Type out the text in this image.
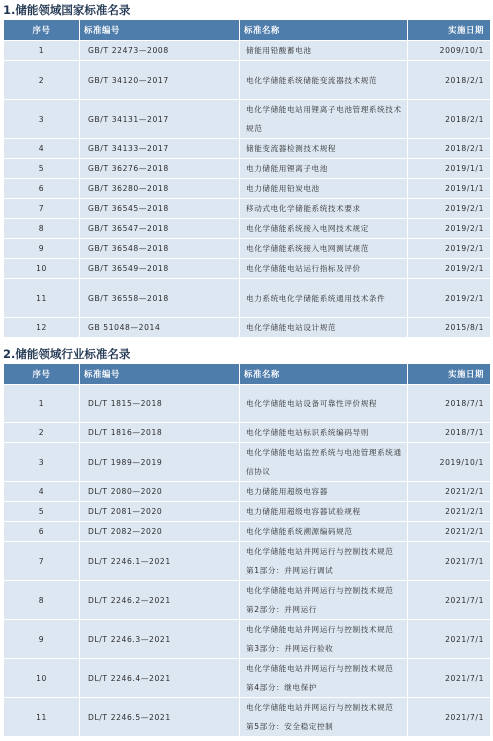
1.储能领域国家标准名录
序号	标准编号	标准名称	实施日期
1	GB/T 22473—2008	储能用铅酸蓄电池	2009/10/1
2	GB/T 34120—2017	电化学储能系统储能变流器技术规范	2018/2/1
3	GB/T 34131—2017	电化学储能电站用锂离子电池管理系统技术规范	2018/2/1
4	GB/T 34133—2017	储能变流器检测技术规程	2018/2/1
5	GB/T 36276—2018	电力储能用锂离子电池	2019/1/1
6	GB/T 36280—2018	电力储能用铅炭电池	2019/1/1
7	GB/T 36545—2018	移动式电化学储能系统技术要求	2019/2/1
8	GB/T 36547—2018	电化学储能系统接入电网技术规定	2019/2/1
9	GB/T 36548—2018	电化学储能系统接入电网测试规范	2019/2/1
10	GB/T 36549—2018	电化学储能电站运行指标及评价	2019/2/1
11	GB/T 36558—2018	电力系统电化学储能系统通用技术条件	2019/2/1
12	GB 51048—2014	电化学储能电站设计规范	2015/8/1
2.储能领域行业标准名录
序号	标准编号	标准名称	实施日期
1	DL/T 1815—2018	电化学储能电站设备可靠性评价规程	2018/7/1
2	DL/T 1816—2018	电化学储能电站标识系统编码导则	2018/7/1
3	DL/T 1989—2019	电化学储能电站监控系统与电池管理系统通信协议	2019/10/1
4	DL/T 2080—2020	电力储能用超级电容器	2021/2/1
5	DL/T 2081—2020	电力储能用超级电容器试验规程	2021/2/1
6	DL/T 2082—2020	电化学储能系统溯源编码规范	2021/2/1
7	DL/T 2246.1—2021	电化学储能电站并网运行与控制技术规范 第1部分：并网运行调试	2021/7/1
8	DL/T 2246.2—2021	电化学储能电站并网运行与控制技术规范 第2部分：并网运行	2021/7/1
9	DL/T 2246.3—2021	电化学储能电站并网运行与控制技术规范 第3部分：并网运行验收	2021/7/1
10	DL/T 2246.4—2021	电化学储能电站并网运行与控制技术规范 第4部分：继电保护	2021/7/1
11	DL/T 2246.5—2021	电化学储能电站并网运行与控制技术规范 第5部分：安全稳定控制	2021/7/1
